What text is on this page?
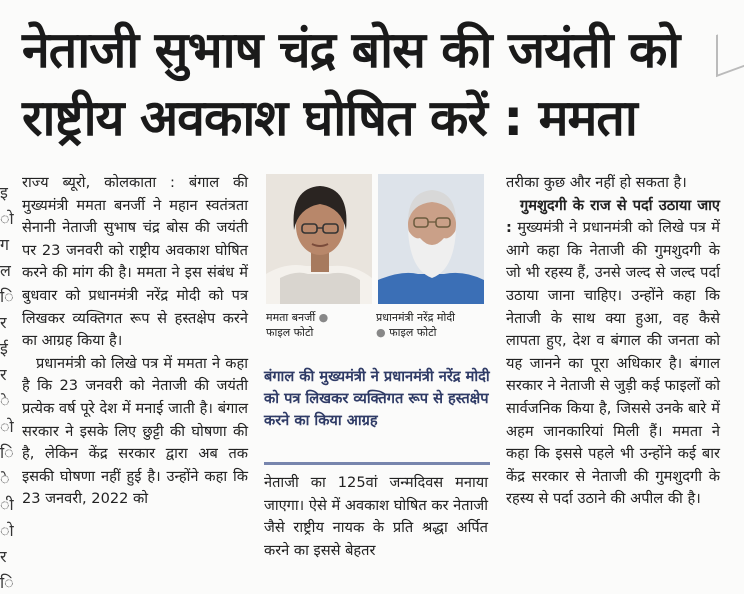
नेताजी सुभाष चंद्र बोस की जयंती को
राष्ट्रीय अवकाश घोषित करें : ममता
इ
ो
ग
ल
ि
र
ई
र
े
ो
ि
े
ी
ो
र
ि

राज्य ब्यूरो, कोलकाता : बंगाल की मुख्यमंत्री ममता बनर्जी ने महान स्वतंत्रता सेनानी नेताजी सुभाष चंद्र बोस की जयंती पर 23 जनवरी को राष्ट्रीय अवकाश घोषित करने की मांग की है। ममता ने इस संबंध में बुधवार को प्रधानमंत्री नरेंद्र मोदी को पत्र लिखकर व्यक्तिगत रूप से हस्तक्षेप करने का आग्रह किया है।

प्रधानमंत्री को लिखे पत्र में ममता ने कहा है कि 23 जनवरी को नेताजी की जयंती प्रत्येक वर्ष पूरे देश में मनाई जाती है। बंगाल सरकार ने इसके लिए छुट्टी की घोषणा की है, लेकिन केंद्र सरकार द्वारा अब तक इसकी घोषणा नहीं हुई है। उन्होंने कहा कि 23 जनवरी, 2022 को

ममता बनर्जी ●
फाइल फोटो
प्रधानमंत्री नरेंद्र मोदी
● फाइल फोटो

बंगाल की मुख्यमंत्री ने प्रधानमंत्री नरेंद्र मोदी को पत्र लिखकर व्यक्तिगत रूप से हस्तक्षेप करने का किया आग्रह

नेताजी का 125वां जन्मदिवस मनाया जाएगा। ऐसे में अवकाश घोषित कर नेताजी जैसे राष्ट्रीय नायक के प्रति श्रद्धा अर्पित करने का इससे बेहतर

तरीका कुछ और नहीं हो सकता है।

गुमशुदगी के राज से पर्दा उठाया जाए : मुख्यमंत्री ने प्रधानमंत्री को लिखे पत्र में आगे कहा कि नेताजी की गुमशुदगी के जो भी रहस्य हैं, उनसे जल्द से जल्द पर्दा उठाया जाना चाहिए। उन्होंने कहा कि नेताजी के साथ क्या हुआ, वह कैसे लापता हुए, देश व बंगाल की जनता को यह जानने का पूरा अधिकार है। बंगाल सरकार ने नेताजी से जुड़ी कई फाइलों को सार्वजनिक किया है, जिससे उनके बारे में अहम जानकारियां मिली हैं। ममता ने कहा कि इससे पहले भी उन्होंने कई बार केंद्र सरकार से नेताजी की गुमशुदगी के रहस्य से पर्दा उठाने की अपील की है।
